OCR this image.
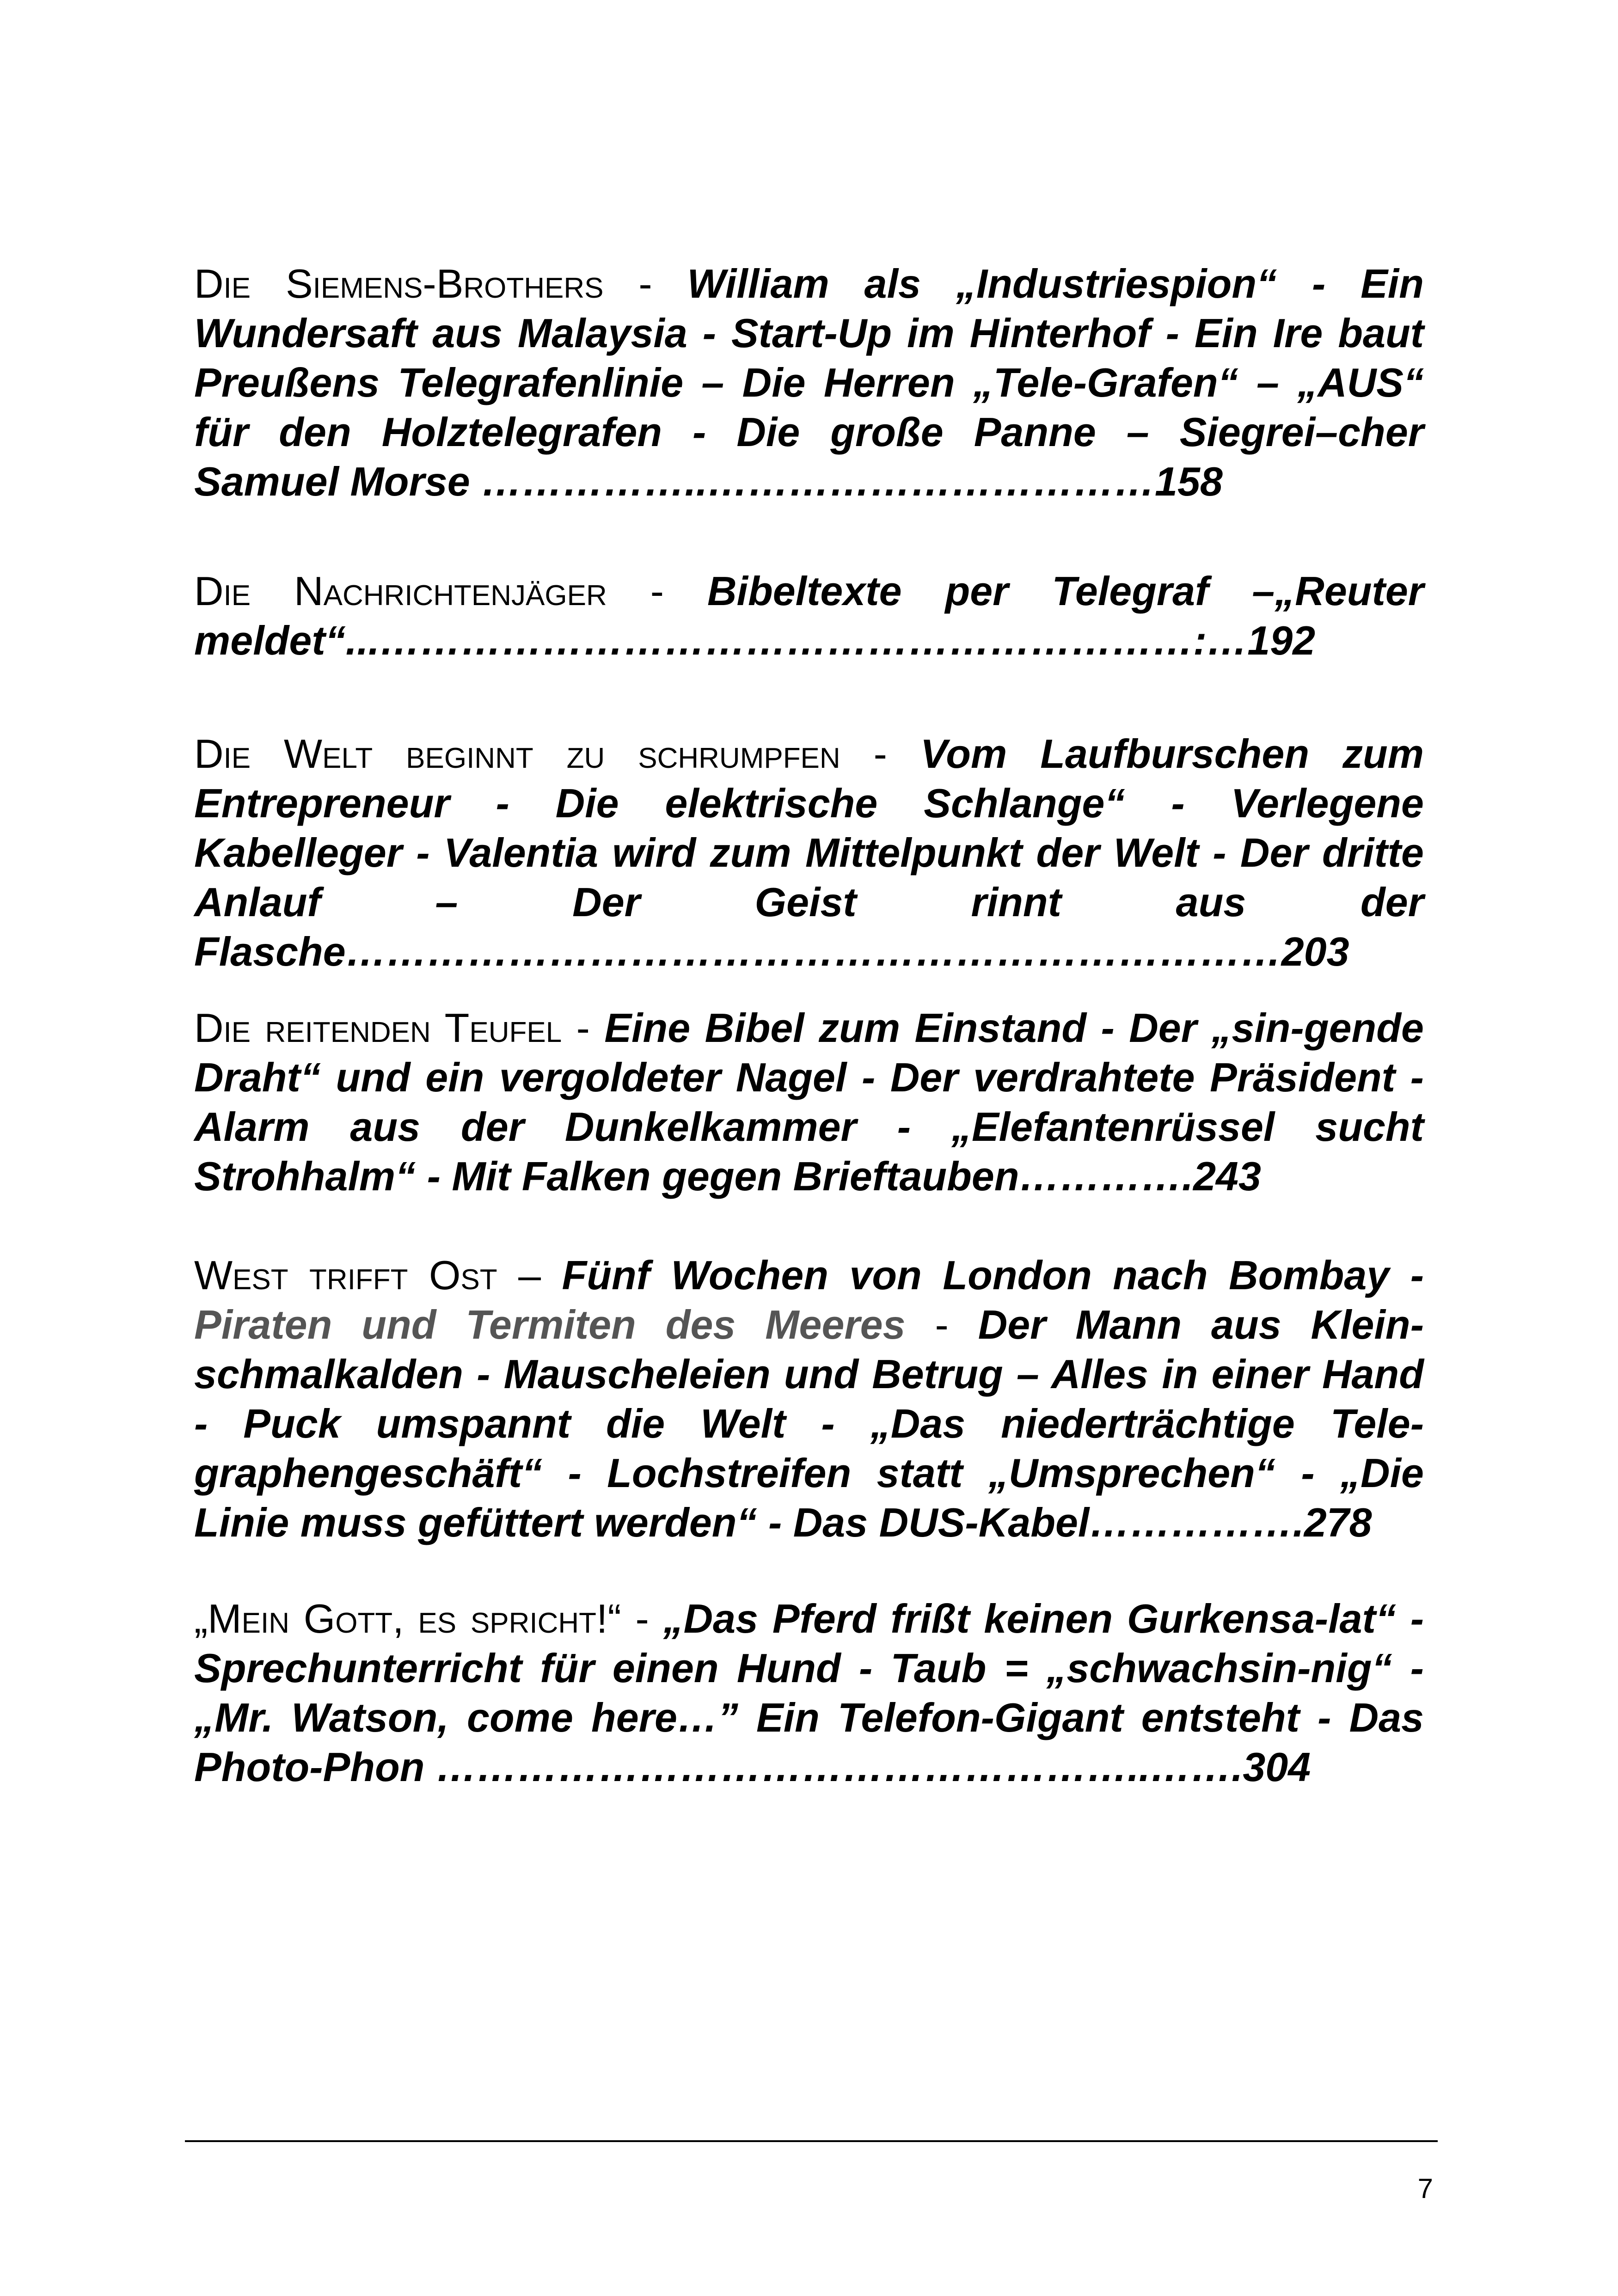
Die Siemens-Brothers - William als „Industriespion“ - Ein Wundersaft aus Malaysia - Start-Up im Hinterhof - Ein Ire baut Preußens Telegrafenlinie – Die Herren „Tele-Grafen“ – „AUS“ für den Holztelegrafen - Die große Panne – Siegrei–cher Samuel Morse ……………..……………………………158
Die Nachrichtenjäger - Bibeltexte per Telegraf –„Reuter meldet“...……………………………………………………:…192
Die Welt beginnt zu schrumpfen - Vom Laufburschen zum Entrepreneur - Die elektrische Schlange“ - Verlegene Kabelleger - Valentia wird zum Mittelpunkt der Welt - Der dritte Anlauf – Der Geist rinnt aus der Flasche……………………………………………………………203
Die reitenden Teufel - Eine Bibel zum Einstand - Der „sin-gende Draht“ und ein vergoldeter Nagel - Der verdrahtete Präsident - Alarm aus der Dunkelkammer - „Elefantenrüssel sucht Strohhalm“ - Mit Falken gegen Brieftauben………….243
West trifft Ost – Fünf Wochen von London nach Bombay - Piraten und Termiten des Meeres - Der Mann aus Klein-schmalkalden - Mauscheleien und Betrug – Alles in einer Hand - Puck umspannt die Welt - „Das niederträchtige Tele-graphengeschäft“ - Lochstreifen statt „Umsprechen“ - „Die Linie muss gefüttert werden“ - Das DUS-Kabel…………….278
„Mein Gott, es spricht!“ - „Das Pferd frißt keinen Gurkensa-lat“ - Sprechunterricht für einen Hund - Taub = „schwachsin-nig“ - „Mr. Watson, come here…” Ein Telefon-Gigant entsteht - Das Photo-Phon ……………………………………………..…….304
7
